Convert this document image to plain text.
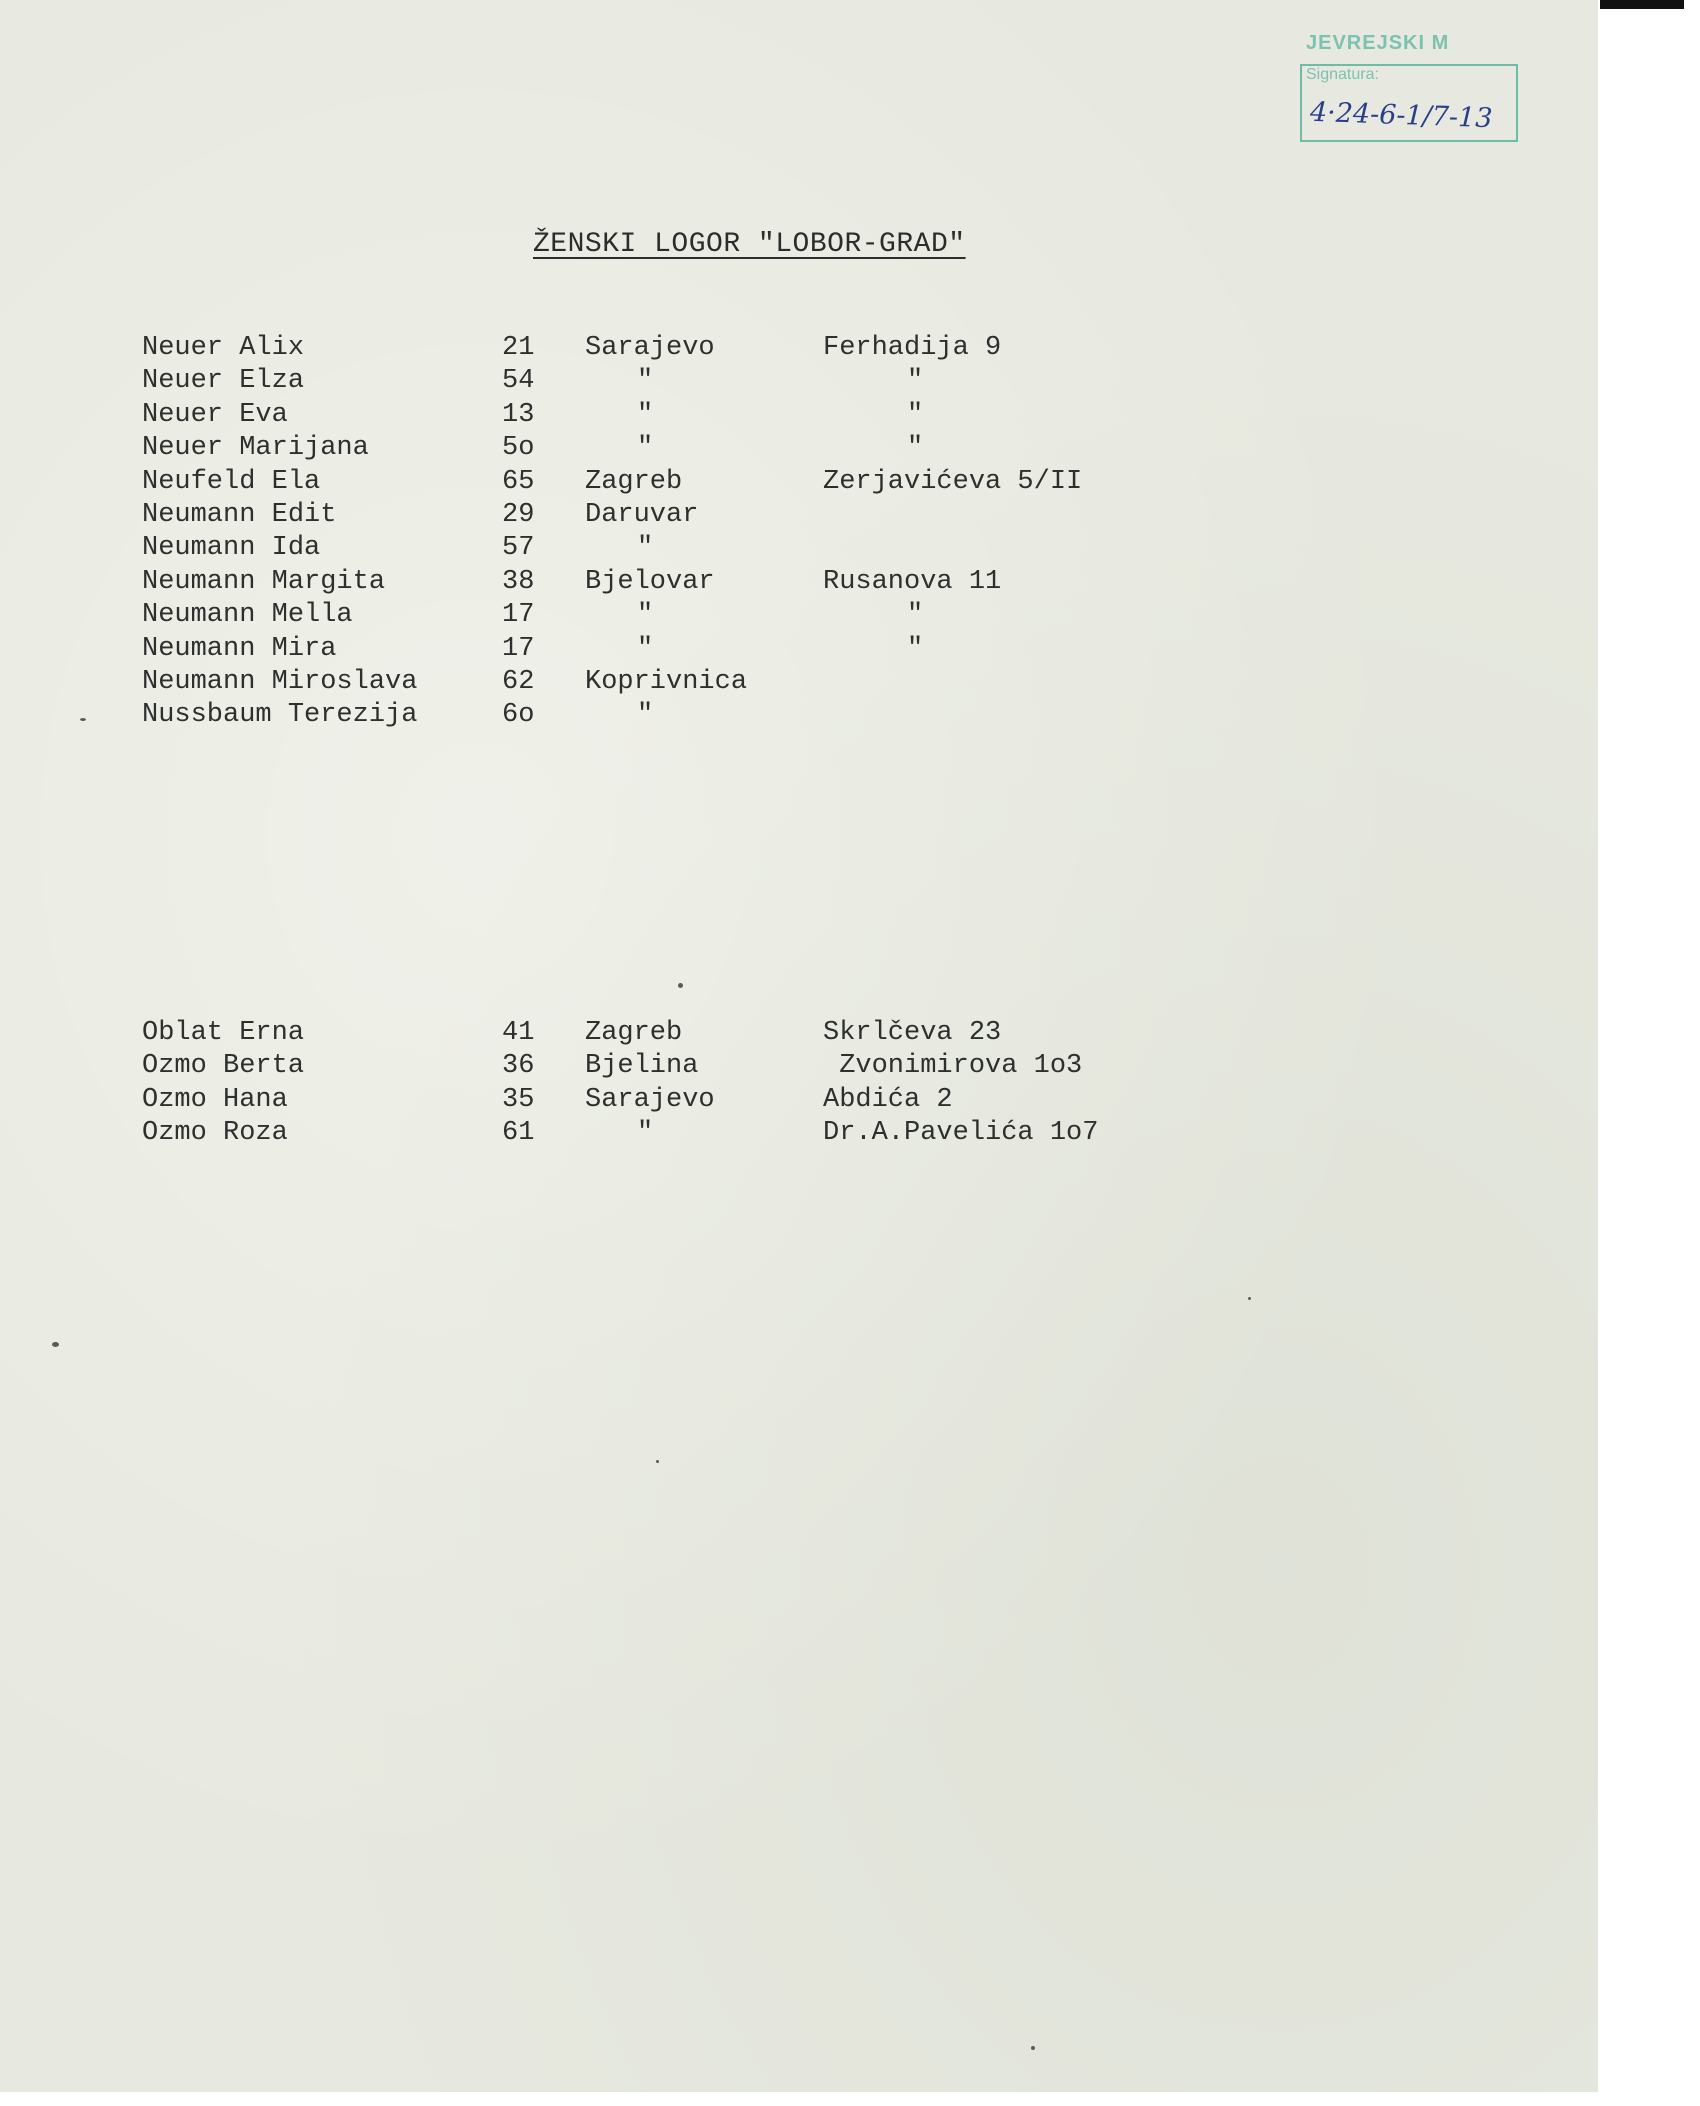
JEVREJSKI M
Signatura:
4·24-6-1/7-13
ŽENSKI LOGOR "LOBOR-GRAD"
Neuer Alix	21 Sarajevo	Ferhadija 9
Neuer Elza	54	"	"
Neuer Eva	13	"	"
Neuer Marijana	5o	"	"
Neufeld Ela	65 Zagreb	Zerjavićeva 5/II
Neumann Edit	29 Daruvar
Neumann Ida	57	"
Neumann Margita	38 Bjelovar	Rusanova 11
Neumann Mella	17	"	"
Neumann Mira	17	"	"
Neumann Miroslava	62 Koprivnica
Nussbaum Terezija	6o	"
Oblat Erna	41 Zagreb	Skrlčeva 23
Ozmo Berta	36 Bjelina	Zvonimirova 1o3
Ozmo Hana	35 Sarajevo	Abdića 2
Ozmo Roza	61	"	Dr.A.Pavelića 1o7
